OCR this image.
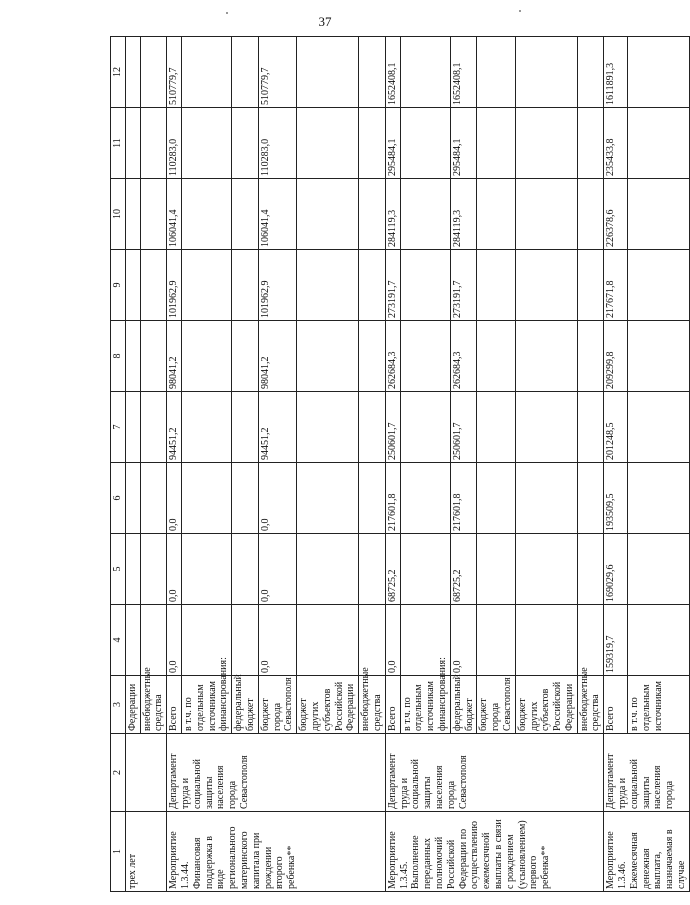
37
1	2	3	4	5	6	7	8	9	10	11	12
трех лет		Федерации									
		внебюджетные средства									
Мероприятие 1.3.44. Финансовая поддержка в виде регионального материнского капитала при рождении второго ребенка**	Департамент труда и социальной защиты населения города Севастополя	Всего	0,0	0,0	0,0	94451,2	98041,2	101962,9	106041,4	110283,0	510779,7
		в т.ч. по отдельным источникам финансирования:									
		федеральный бюджет									
		бюджет города Севастополя	0,0	0,0	0,0	94451,2	98041,2	101962,9	106041,4	110283,0	510779,7
		бюджет других субъектов Российской Федерации									
		внебюджетные средства									
Мероприятие 1.3.45. Выполнение переданных полномочий Российской Федерации по осуществлению ежемесячной выплаты в связи с рождением (усыновлением) первого ребенка**	Департамент труда и социальной защиты населения города Севастополя	Всего	0,0	68725,2	217601,8	250601,7	262684,3	273191,7	284119,3	295484,1	1652408,1
		в т.ч. по отдельным источникам финансирования:									
		федеральный бюджет	0,0	68725,2	217601,8	250601,7	262684,3	273191,7	284119,3	295484,1	1652408,1
		бюджет города Севастополя									
		бюджет других субъектов Российской Федерации									
		внебюджетные средства									
Мероприятие 1.3.46. Ежемесячная денежная выплата, назначаемая в случае	Департамент труда и социальной защиты населения города	Всего	159319,7	169029,6	193509,5	201248,5	209299,8	217671,8	226378,6	235433,8	1611891,3
		в т.ч. по отдельным источникам									
